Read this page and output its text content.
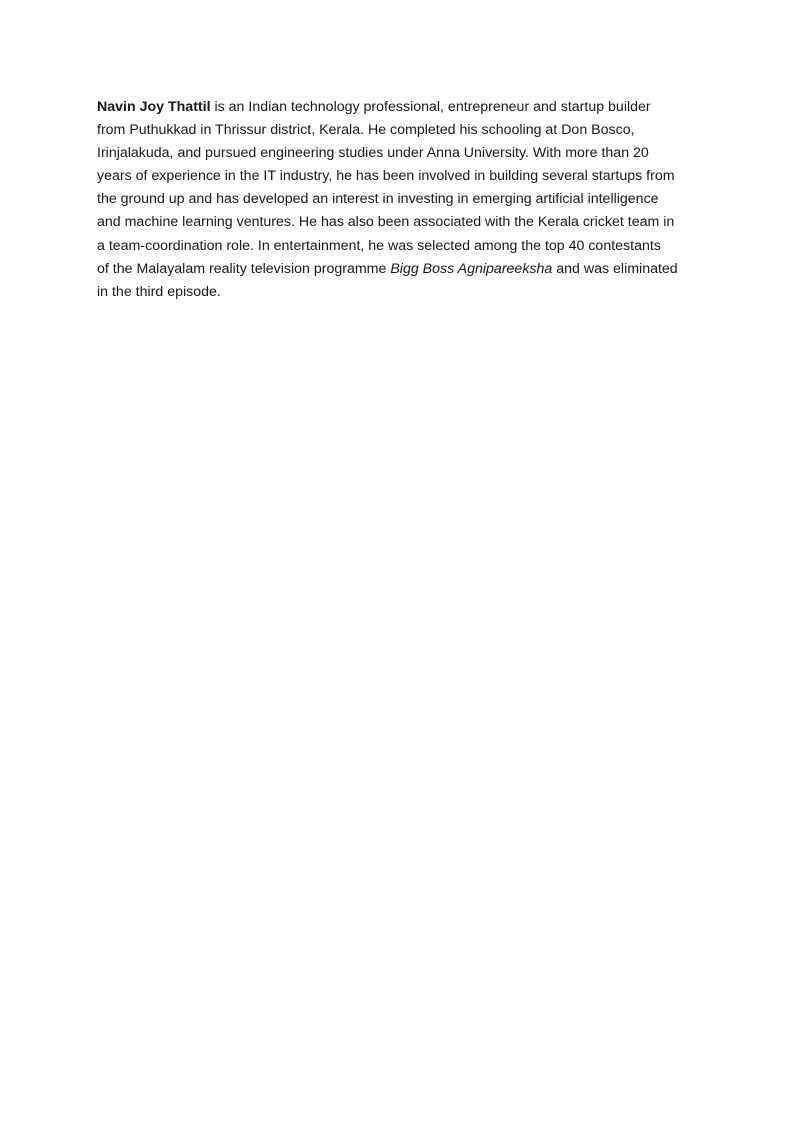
Navin Joy Thattil is an Indian technology professional, entrepreneur and startup builder
from Puthukkad in Thrissur district, Kerala. He completed his schooling at Don Bosco,
Irinjalakuda, and pursued engineering studies under Anna University. With more than 20
years of experience in the IT industry, he has been involved in building several startups from
the ground up and has developed an interest in investing in emerging artificial intelligence
and machine learning ventures. He has also been associated with the Kerala cricket team in
a team-coordination role. In entertainment, he was selected among the top 40 contestants
of the Malayalam reality television programme Bigg Boss Agnipareeksha and was eliminated
in the third episode.
